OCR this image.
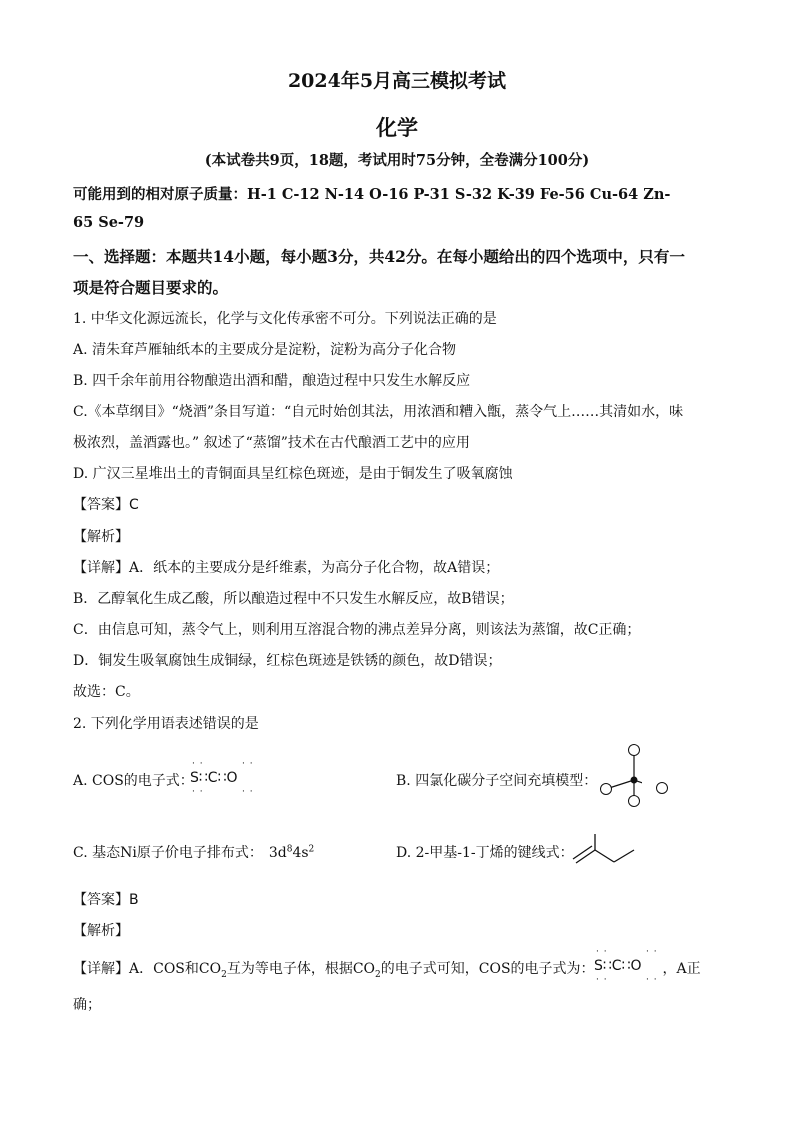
2024年5月高三模拟考试
化学
(本试卷共9页，18题，考试用时75分钟，全卷满分100分)
可能用到的相对原子质量：H-1 C-12 N-14 O-16 P-31 S-32 K-39 Fe-56 Cu-64 Zn-
65 Se-79
一、选择题：本题共14小题，每小题3分，共42分。在每小题给出的四个选项中，只有一
项是符合题目要求的。
1. 中华文化源远流长，化学与文化传承密不可分。下列说法正确的是
A. 清朱耷芦雁轴纸本的主要成分是淀粉，淀粉为高分子化合物
B. 四千余年前用谷物酿造出酒和醋，酿造过程中只发生水解反应
C.《本草纲目》“烧酒”条目写道：“自元时始创其法，用浓酒和糟入甑，蒸令气上……其清如水，味
极浓烈，盖酒露也。” 叙述了“蒸馏”技术在古代酿酒工艺中的应用
D. 广汉三星堆出土的青铜面具呈红棕色斑迹，是由于铜发生了吸氧腐蚀
【答案】C
【解析】
【详解】A．纸本的主要成分是纤维素，为高分子化合物，故A错误；
B．乙醇氧化生成乙酸，所以酿造过程中不只发生水解反应，故B错误；
C．由信息可知，蒸令气上，则利用互溶混合物的沸点差异分离，则该法为蒸馏，故C正确；
D．铜发生吸氧腐蚀生成铜绿，红棕色斑迹是铁锈的颜色，故D错误；
故选：C。
2. 下列化学用语表述错误的是
A. COS的电子式：
· ·	· ·
S∷C∷O
· ·	· ·
B. 四氯化碳分子空间充填模型：
C. 基态Ni原子价电子排布式： $3d^84s^2$	D. 2-甲基-1-丁烯的键线式：
【答案】B
【解析】
【详解】A．COS和$CO_2$互为等电子体，根据$CO_2$的电子式可知，COS的电子式为：	，A正
· ·	· ·
S∷C∷O
· ·	· ·
确；
